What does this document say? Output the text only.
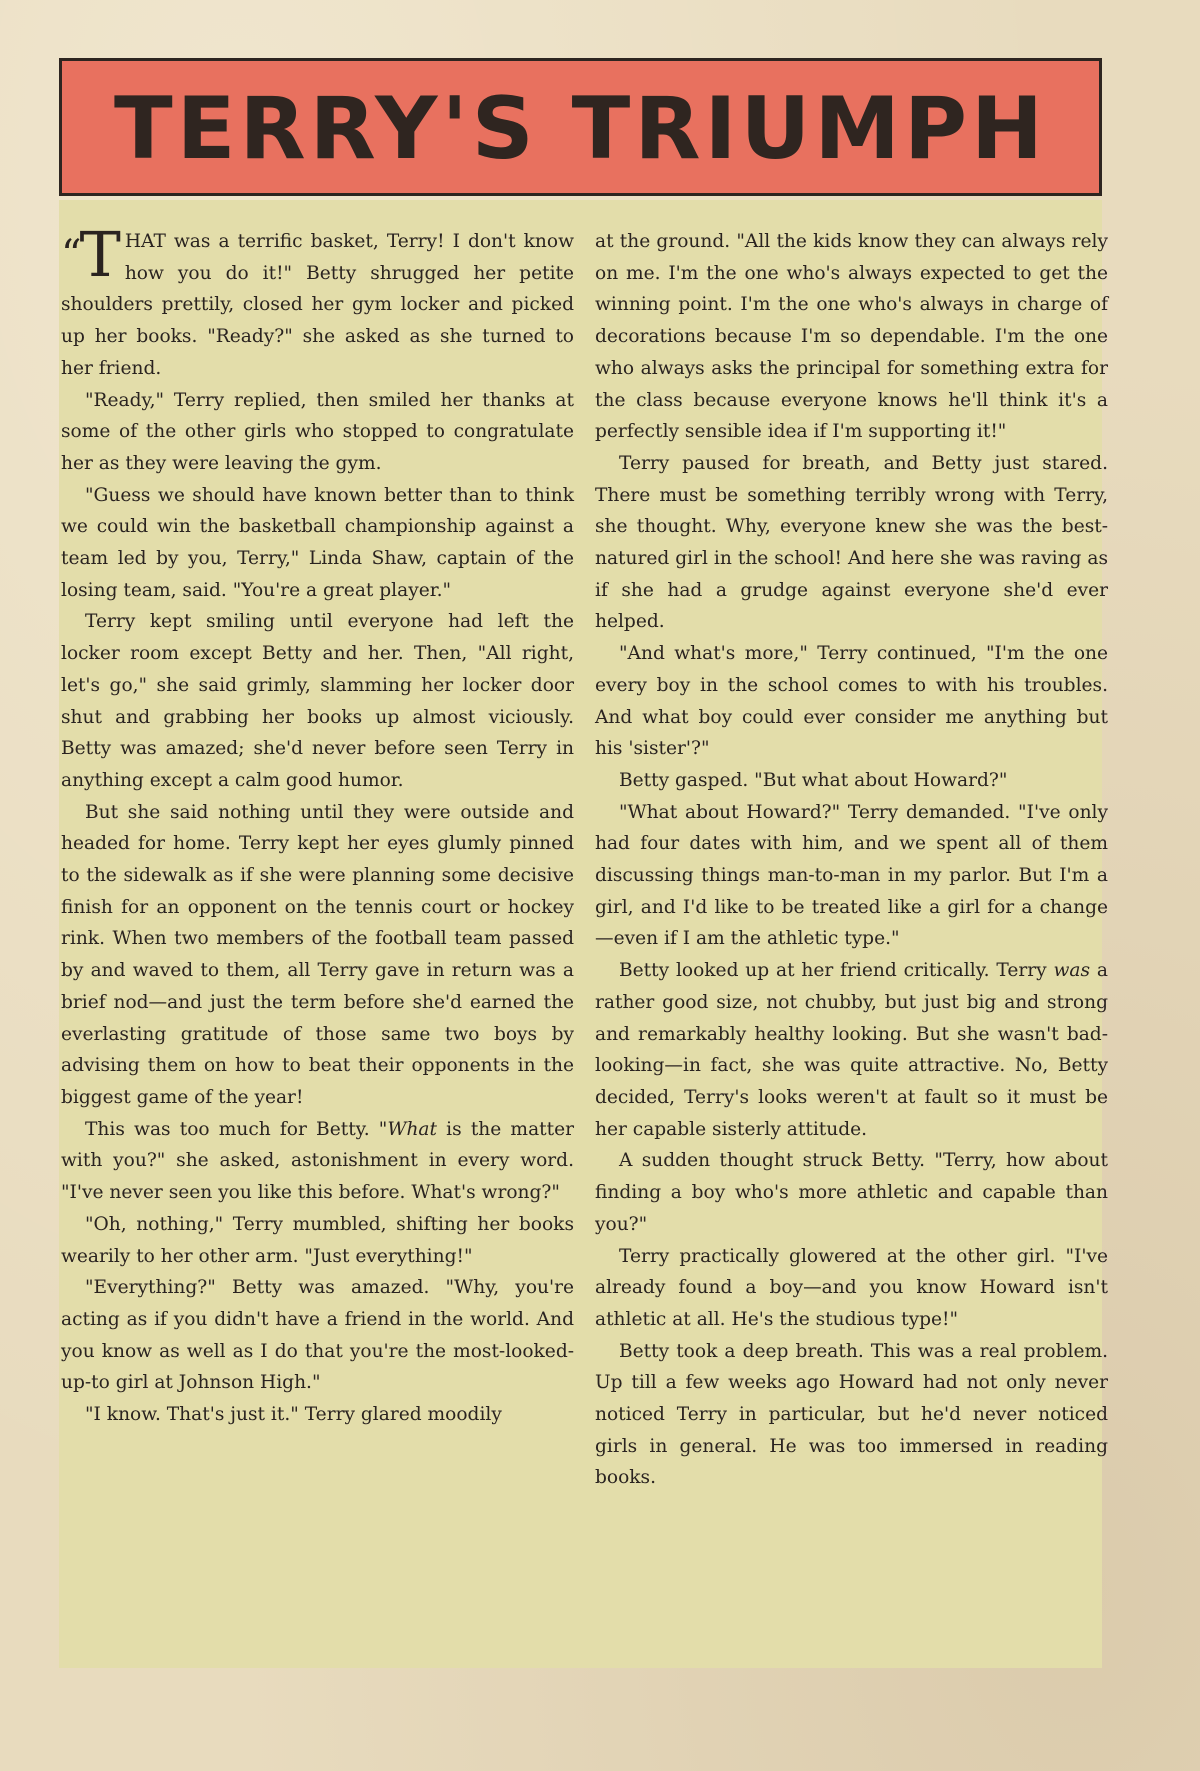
TERRY'S TRIUMPH

“T HAT was a terrific basket, Terry! I don't know how you do it!" Betty shrugged her petite shoulders prettily, closed her gym locker and picked up her books. "Ready?" she asked as she turned to her friend.

"Ready," Terry replied, then smiled her thanks at some of the other girls who stopped to congratulate her as they were leaving the gym.

"Guess we should have known better than to think we could win the basketball championship against a team led by you, Terry," Linda Shaw, captain of the losing team, said. "You're a great player."

Terry kept smiling until everyone had left the locker room except Betty and her. Then, "All right, let's go," she said grimly, slamming her locker door shut and grabbing her books up almost viciously. Betty was amazed; she'd never before seen Terry in anything except a calm good humor.

But she said nothing until they were outside and headed for home. Terry kept her eyes glumly pinned to the sidewalk as if she were planning some decisive finish for an opponent on the tennis court or hockey rink. When two members of the football team passed by and waved to them, all Terry gave in return was a brief nod—and just the term before she'd earned the everlasting gratitude of those same two boys by advising them on how to beat their opponents in the biggest game of the year!

This was too much for Betty. "What is the matter with you?" she asked, astonishment in every word. "I've never seen you like this before. What's wrong?"

"Oh, nothing," Terry mumbled, shifting her books wearily to her other arm. "Just everything!"

"Everything?" Betty was amazed. "Why, you're acting as if you didn't have a friend in the world. And you know as well as I do that you're the most-looked-up-to girl at Johnson High."

"I know. That's just it." Terry glared moodily

at the ground. "All the kids know they can always rely on me. I'm the one who's always expected to get the winning point. I'm the one who's always in charge of decorations because I'm so dependable. I'm the one who always asks the principal for something extra for the class because everyone knows he'll think it's a perfectly sensible idea if I'm supporting it!"

Terry paused for breath, and Betty just stared. There must be something terribly wrong with Terry, she thought. Why, everyone knew she was the best-natured girl in the school! And here she was raving as if she had a grudge against everyone she'd ever helped.

"And what's more," Terry continued, "I'm the one every boy in the school comes to with his troubles. And what boy could ever consider me anything but his 'sister'?"

Betty gasped. "But what about Howard?"

"What about Howard?" Terry demanded. "I've only had four dates with him, and we spent all of them discussing things man-to-man in my parlor. But I'm a girl, and I'd like to be treated like a girl for a change—even if I am the athletic type."

Betty looked up at her friend critically. Terry was a rather good size, not chubby, but just big and strong and remarkably healthy looking. But she wasn't bad-looking—in fact, she was quite attractive. No, Betty decided, Terry's looks weren't at fault so it must be her capable sisterly attitude.

A sudden thought struck Betty. "Terry, how about finding a boy who's more athletic and capable than you?"

Terry practically glowered at the other girl. "I've already found a boy—and you know Howard isn't athletic at all. He's the studious type!"

Betty took a deep breath. This was a real problem. Up till a few weeks ago Howard had not only never noticed Terry in particular, but he'd never noticed girls in general. He was too immersed in reading books.
